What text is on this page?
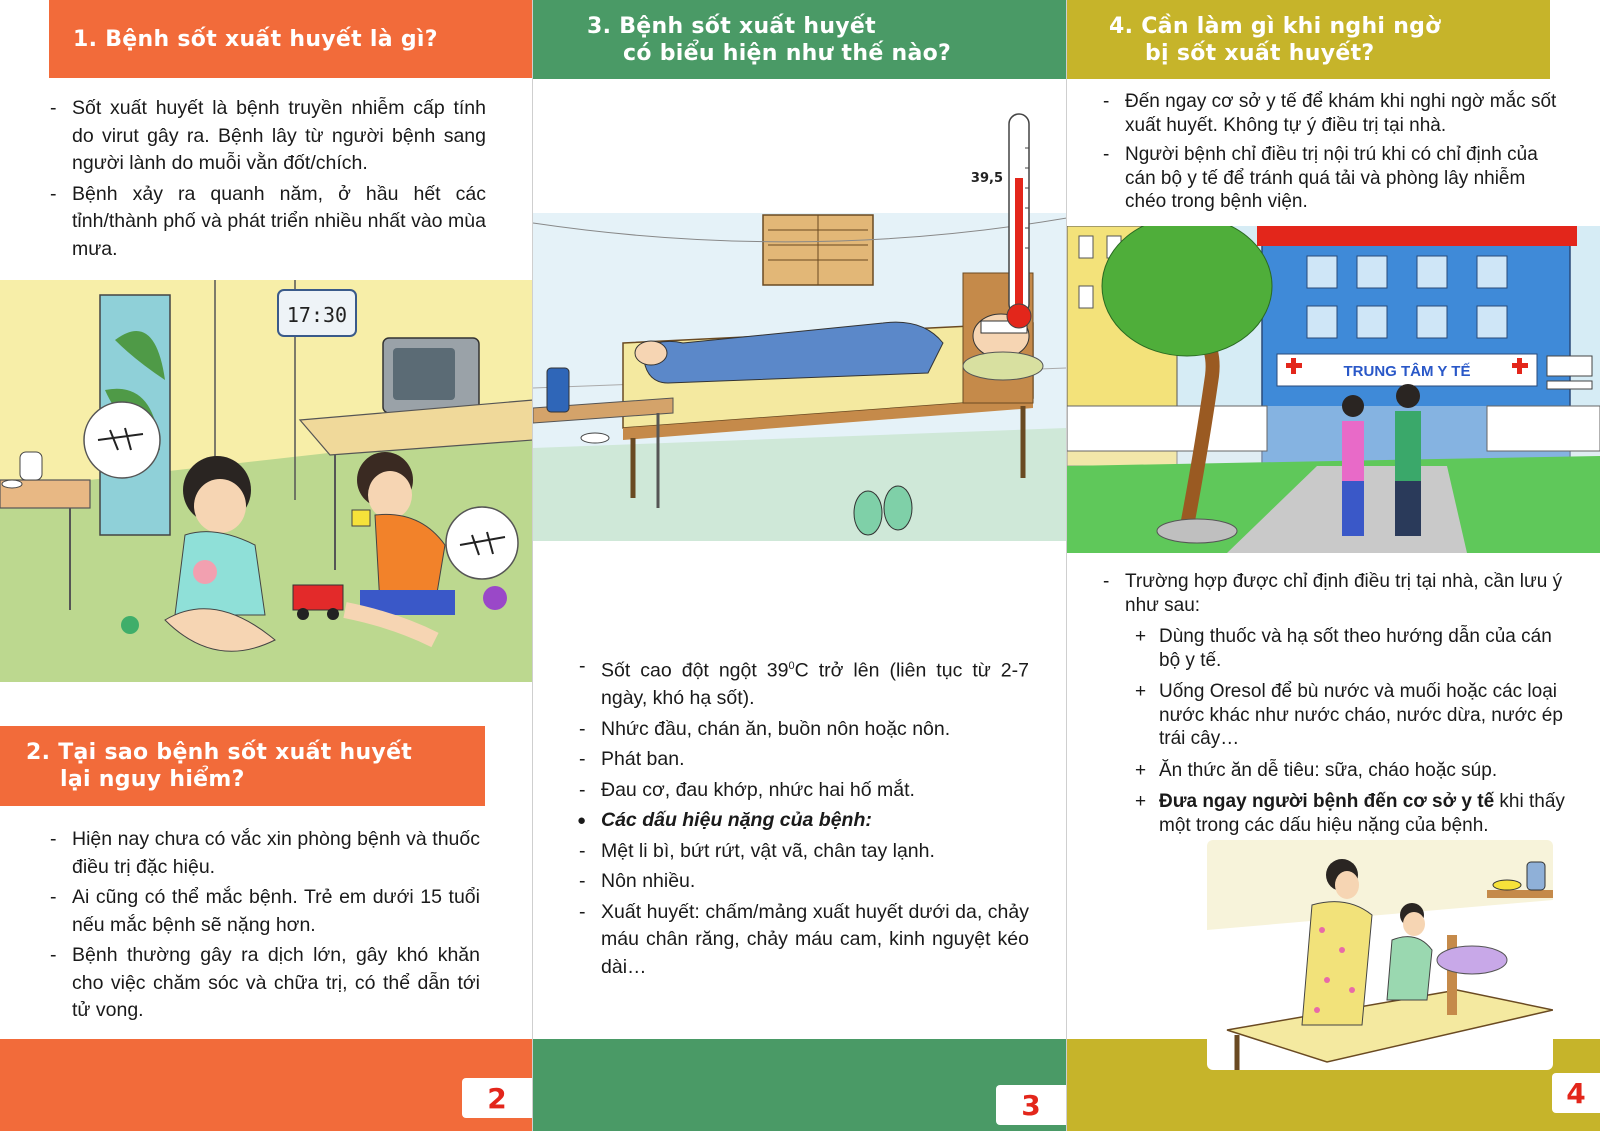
1. Bệnh sốt xuất huyết là gì?
- Sốt xuất huyết là bệnh truyền nhiễm cấp tính do virut gây ra. Bệnh lây từ người bệnh sang người lành do muỗi vằn đốt/chích.
- Bệnh xảy ra quanh năm, ở hầu hết các tỉnh/thành phố và phát triển nhiều nhất vào mùa mưa.
17:30
2. Tại sao bệnh sốt xuất huyết
lại nguy hiểm?
- Hiện nay chưa có vắc xin phòng bệnh và thuốc điều trị đặc hiệu.
- Ai cũng có thể mắc bệnh. Trẻ em dưới 15 tuổi nếu mắc bệnh sẽ nặng hơn.
- Bệnh thường gây ra dịch lớn, gây khó khăn cho việc chăm sóc và chữa trị, có thể dẫn tới tử vong.
2
3. Bệnh sốt xuất huyết
có biểu hiện như thế nào?
39,5
- Sốt cao đột ngột $39^0C$ trở lên (liên tục từ 2-7 ngày, khó hạ sốt).
- Nhức đầu, chán ăn, buồn nôn hoặc nôn.
- Phát ban.
- Đau cơ, đau khớp, nhức hai hố mắt.
● Các dấu hiệu nặng của bệnh:
- Mệt li bì, bứt rứt, vật vã, chân tay lạnh.
- Nôn nhiều.
- Xuất huyết: chấm/mảng xuất huyết dưới da, chảy máu chân răng, chảy máu cam, kinh nguyệt kéo dài…
3
4. Cần làm gì khi nghi ngờ
bị sốt xuất huyết?
- Đến ngay cơ sở y tế để khám khi nghi ngờ mắc sốt xuất huyết. Không tự ý điều trị tại nhà.
- Người bệnh chỉ điều trị nội trú khi có chỉ định của cán bộ y tế để tránh quá tải và phòng lây nhiễm chéo trong bệnh viện.
TRUNG TÂM Y TẾ
- Trường hợp được chỉ định điều trị tại nhà, cần lưu ý như sau:
+ Dùng thuốc và hạ sốt theo hướng dẫn của cán bộ y tế.
+ Uống Oresol để bù nước và muối hoặc các loại nước khác như nước cháo, nước dừa, nước ép trái cây…
+ Ăn thức ăn dễ tiêu: sữa, cháo hoặc súp.
+ Đưa ngay người bệnh đến cơ sở y tế khi thấy một trong các dấu hiệu nặng của bệnh.
4
